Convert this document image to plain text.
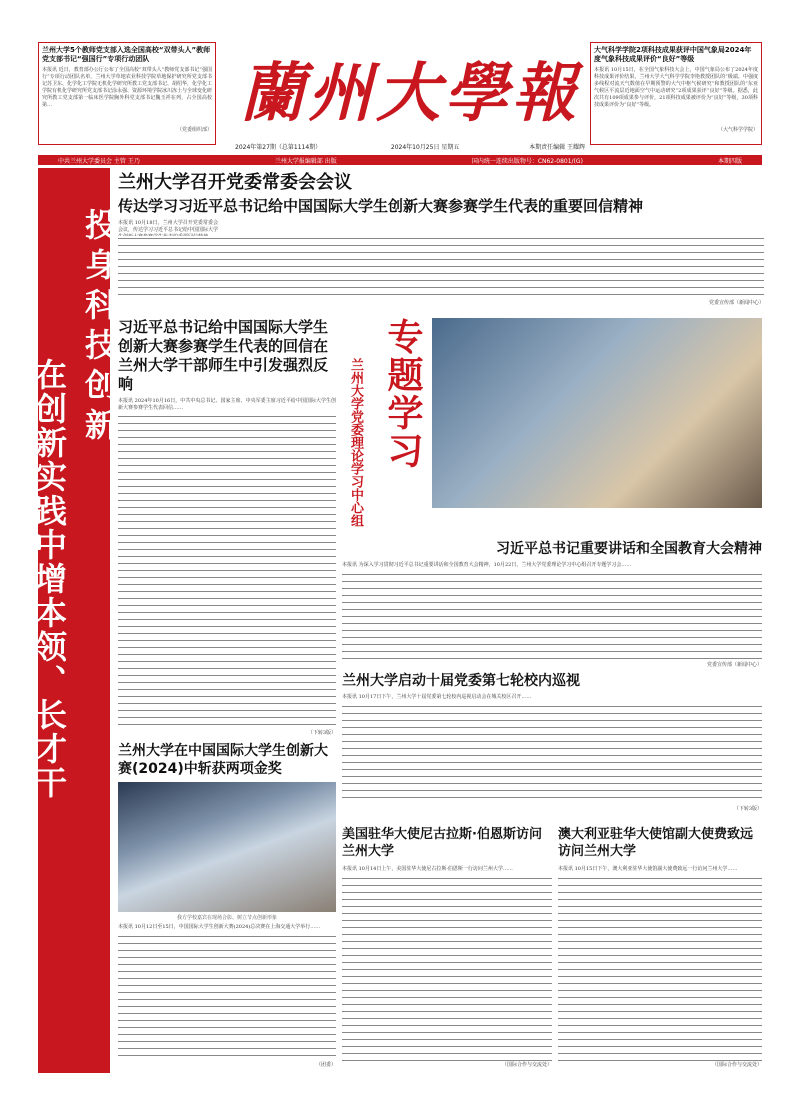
兰州大学5个教师党支部入选全国高校“双带头人”教师党支部书记“强国行”专项行动团队
本报讯 近日，教育部办公厅公布了全国高校“双带头人”教师党支部书记“强国行”专项行动团队名单，兰州大学草地农业科技学院草地保护研究所党支部书记苏卫东、化学化工学院无机化学研究所教工党支部书记、胡绍华，化学化工学院有机化学研究所党支部书记涂永强、资源环境学院冰川冻土与全球变化研究所教工党支部第一临床医学院胸外科党支部书记魏玉祥在列，占全国高校第…
（党委组织部） 蘭州大學報
大气科学学院2项科技成果获评中国气象局2024年度气象科技成果评价“良好”等级
本报讯 10月15日，在全国气象科技大会上，中国气象局公布了2024年度科技成果评价结果，兰州大学大气科学学院李艳教授团队的“极端、中强度多线程对流天气数值在早期预警的大气中枢气候研究”和教授团队的“东亚气候区平流层近地面空气中运动研究”2项成果获评“良好”等级。据悉，此次共有109项成果参与评价，21项科技成果被评价为“良好”等级，30项科技成果评价为“良好”等级。
（大气科学学院）
2024年第27期（总第1114期）	2024年10月25日 星期五	本期责任编辑 王耀辉
中共兰州大学委员会 主管 王乃	兰州大学报编辑部 出版	国内统一连续出版物号：CN62-0801/(G)	本期四版
投身科技创新
在创新实践中增本领、长才干
兰州大学召开党委常委会会议
传达学习习近平总书记给中国国际大学生创新大赛参赛学生代表的重要回信精神
本报讯 10月18日，兰州大学召开党委常委会会议，传达学习习近平总书记给中国国际大学
党委宣传部（新闻中心）
习近平总书记给中国国际大学生创新大赛参赛学生代表的回信在兰州大学干部师生中引发强烈反响
本报讯 2024年10月16日，中共中央总书记、国家主席、中央军委主席习近平给中国国际大学生创新大赛参赛学生代表回信……
（下转3版）
专题学习
兰州大学党委理论学习中心组
习近平总书记重要讲话和全国教育大会精神
本报讯 为深入学习贯彻习近平总书记重要讲话和全国教育大会精神，10月22日，兰州大学党委理论学习中心组召开专题学习会……
党委宣传部（新闻中心）
兰州大学启动十届党委第七轮校内巡视
本报讯 10月17日下午，兰州大学十届党委第七轮校内巡视启动会在城关校区召开……
（下转3版）
兰州大学在中国国际大学生创新大赛(2024)中斩获两项金奖
我方学校嘉宾在现场合影、树立节点创新形象
本报讯 10月12日至15日，中国国际大学生创新大赛(2024)总决赛在上海交通大学举行……
（团委）
美国驻华大使尼古拉斯·伯恩斯访问兰州大学
本报讯 10月14日上午，美国驻华大使尼古拉斯·伯恩斯一行访问兰州大学……
（国际合作与交流处）
澳大利亚驻华大使馆副大使费致远访问兰州大学
本报讯 10月15日下午，澳大利亚驻华大使馆副大使费致远一行访问兰州大学……
（国际合作与交流处）
